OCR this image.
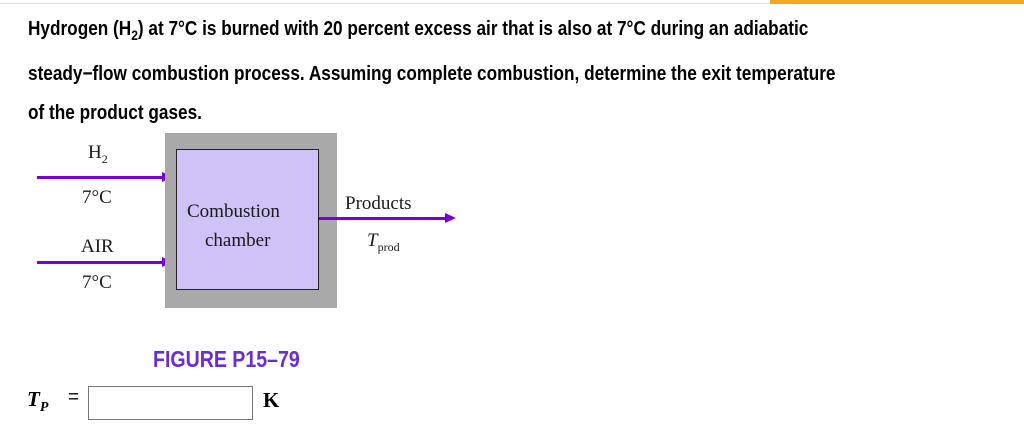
Hydrogen $(H_2)$ at 7°C is burned with 20 percent excess air that is also at 7°C during an adiabatic steady−flow combustion process. Assuming complete combustion, determine the exit temperature of the product gases.
$H_2$
7°C
AIR
7°C
Combustion
chamber
Products
$T_{prod}$
FIGURE P15–79
$T_P$ =	K
